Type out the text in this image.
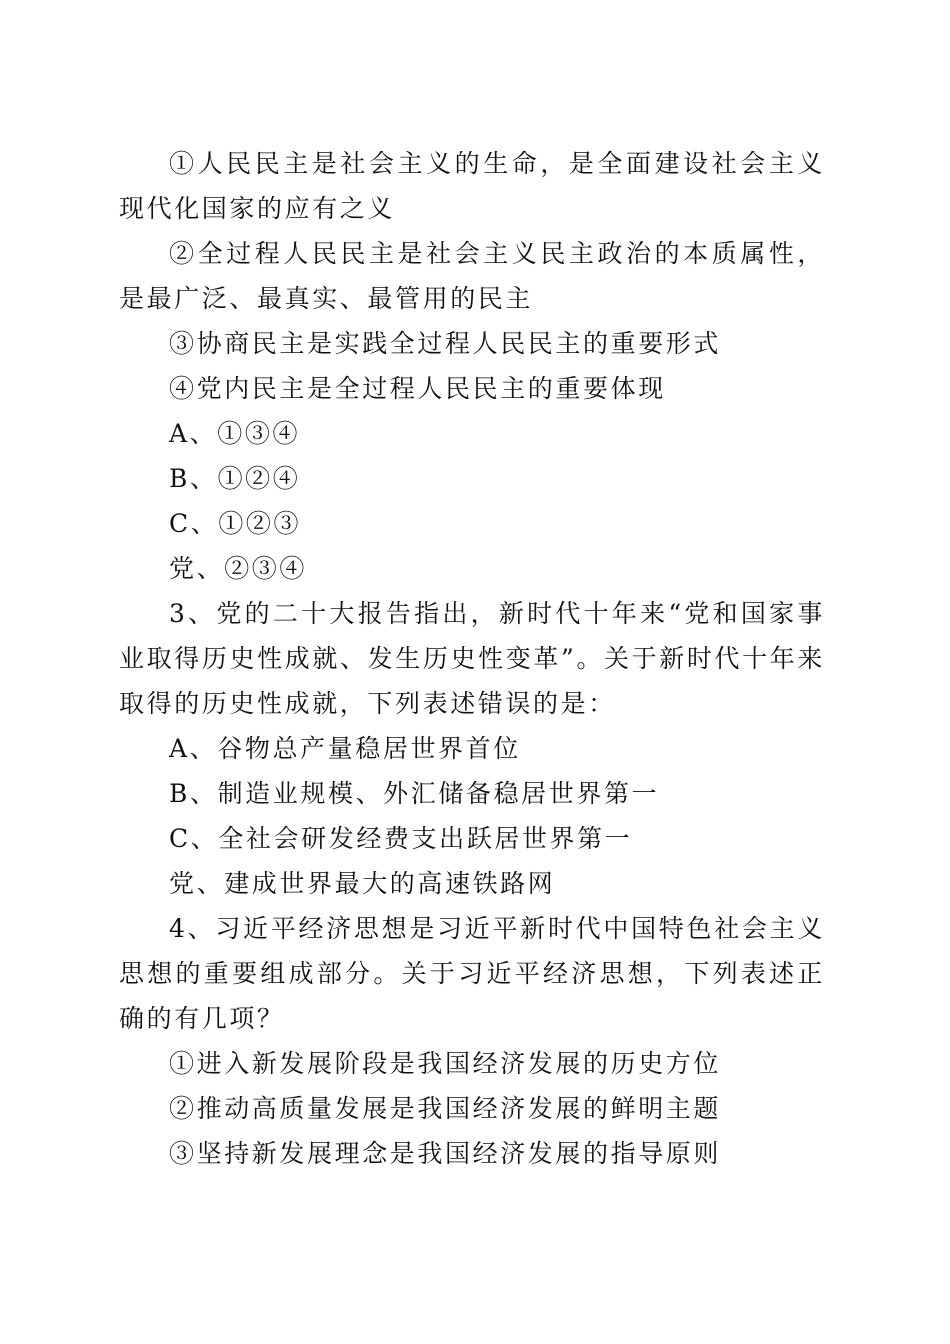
①人民民主是社会主义的生命，是全面建设社会主义现代化国家的应有之义

②全过程人民民主是社会主义民主政治的本质属性，是最广泛、最真实、最管用的民主

③协商民主是实践全过程人民民主的重要形式

④党内民主是全过程人民民主的重要体现

A、①③④

B、①②④

C、①②③

党、②③④

3、党的二十大报告指出，新时代十年来“党和国家事业取得历史性成就、发生历史性变革”。关于新时代十年来取得的历史性成就，下列表述错误的是：

A、谷物总产量稳居世界首位

B、制造业规模、外汇储备稳居世界第一

C、全社会研发经费支出跃居世界第一

党、建成世界最大的高速铁路网

4、习近平经济思想是习近平新时代中国特色社会主义思想的重要组成部分。关于习近平经济思想，下列表述正确的有几项？

①进入新发展阶段是我国经济发展的历史方位

②推动高质量发展是我国经济发展的鲜明主题

③坚持新发展理念是我国经济发展的指导原则
